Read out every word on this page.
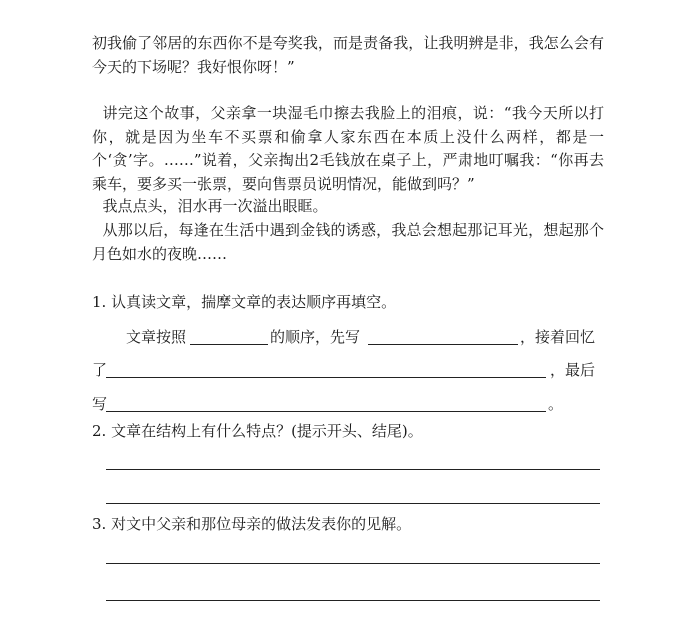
初我偷了邻居的东西你不是夸奖我，而是责备我，让我明辨是非，我怎么会有今天的下场呢？我好恨你呀！”

讲完这个故事，父亲拿一块湿毛巾擦去我脸上的泪痕，说：“我今天所以打你，就是因为坐车不买票和偷拿人家东西在本质上没什么两样，都是一个‘贪’字。……”说着，父亲掏出2毛钱放在桌子上，严肃地叮嘱我：“你再去乘车，要多买一张票，要向售票员说明情况，能做到吗？”

我点点头，泪水再一次溢出眼眶。

从那以后，每逢在生活中遇到金钱的诱惑，我总会想起那记耳光，想起那个月色如水的夜晚……

1. 认真读文章，揣摩文章的表达顺序再填空。

文章按照	的顺序，先写	，接着回忆
了	，最后
写	。

2. 文章在结构上有什么特点？(提示开头、结尾)。

3. 对文中父亲和那位母亲的做法发表你的见解。
